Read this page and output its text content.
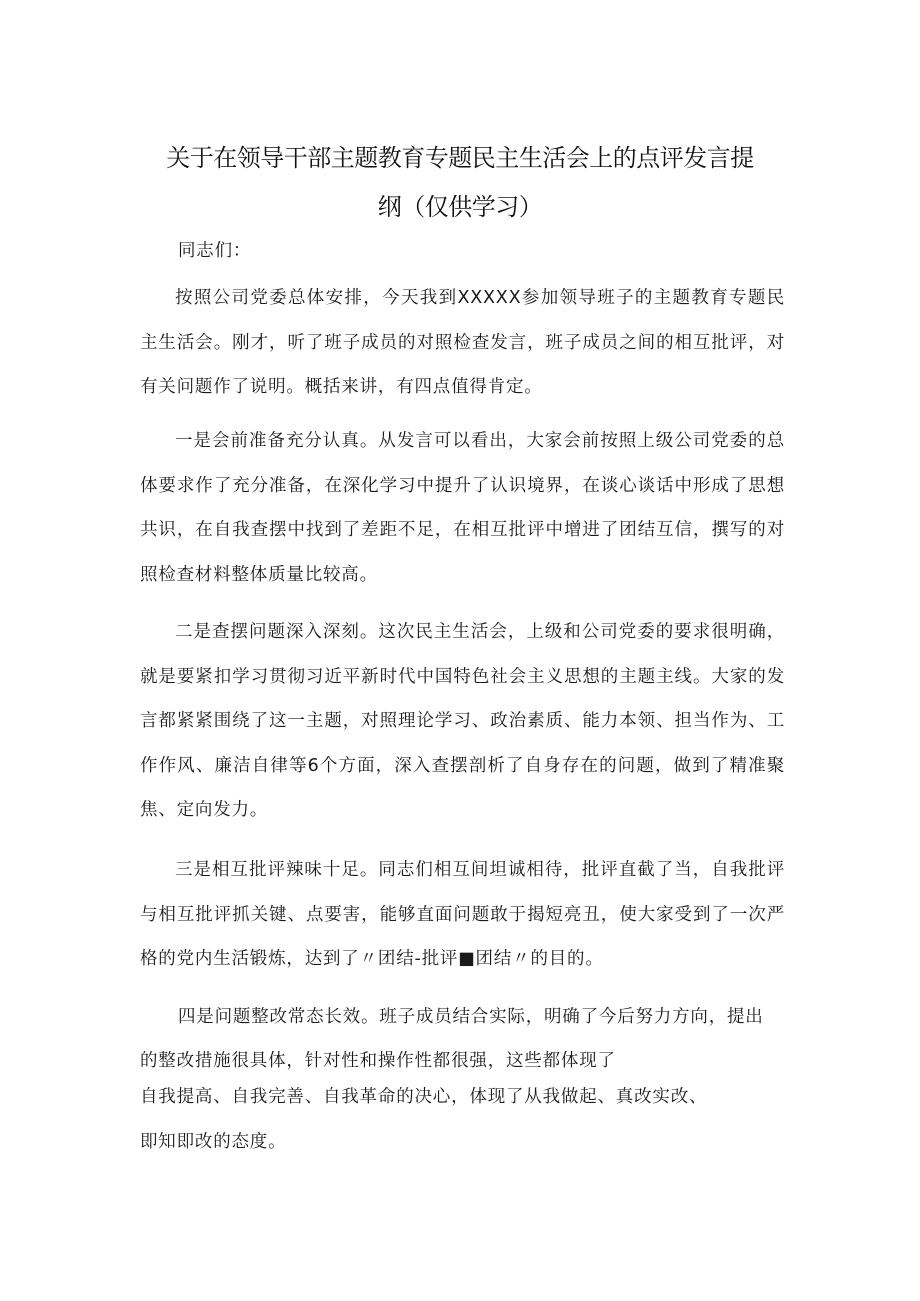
关于在领导干部主题教育专题民主生活会上的点评发言提
纲（仅供学习）
同志们：

按照公司党委总体安排，今天我到XXXXX参加领导班子的主题教育专题民主生活会。刚才，听了班子成员的对照检查发言，班子成员之间的相互批评，对有关问题作了说明。概括来讲，有四点值得肯定。

一是会前准备充分认真。从发言可以看出，大家会前按照上级公司党委的总体要求作了充分准备，在深化学习中提升了认识境界，在谈心谈话中形成了思想共识，在自我查摆中找到了差距不足，在相互批评中增进了团结互信，撰写的对照检查材料整体质量比较高。

二是查摆问题深入深刻。这次民主生活会，上级和公司党委的要求很明确，就是要紧扣学习贯彻习近平新时代中国特色社会主义思想的主题主线。大家的发言都紧紧围绕了这一主题，对照理论学习、政治素质、能力本领、担当作为、工作作风、廉洁自律等6个方面，深入查摆剖析了自身存在的问题，做到了精准聚焦、定向发力。

三是相互批评辣味十足。同志们相互间坦诚相待，批评直截了当，自我批评与相互批评抓关键、点要害，能够直面问题敢于揭短亮丑，使大家受到了一次严格的党内生活锻炼，达到了〃团结-批评■团结〃的目的。

四是问题整改常态长效。班子成员结合实际，明确了今后努力方向，提出
的整改措施很具体，针对性和操作性都很强，这些都体现了
自我提高、自我完善、自我革命的决心，体现了从我做起、真改实改、
即知即改的态度。
